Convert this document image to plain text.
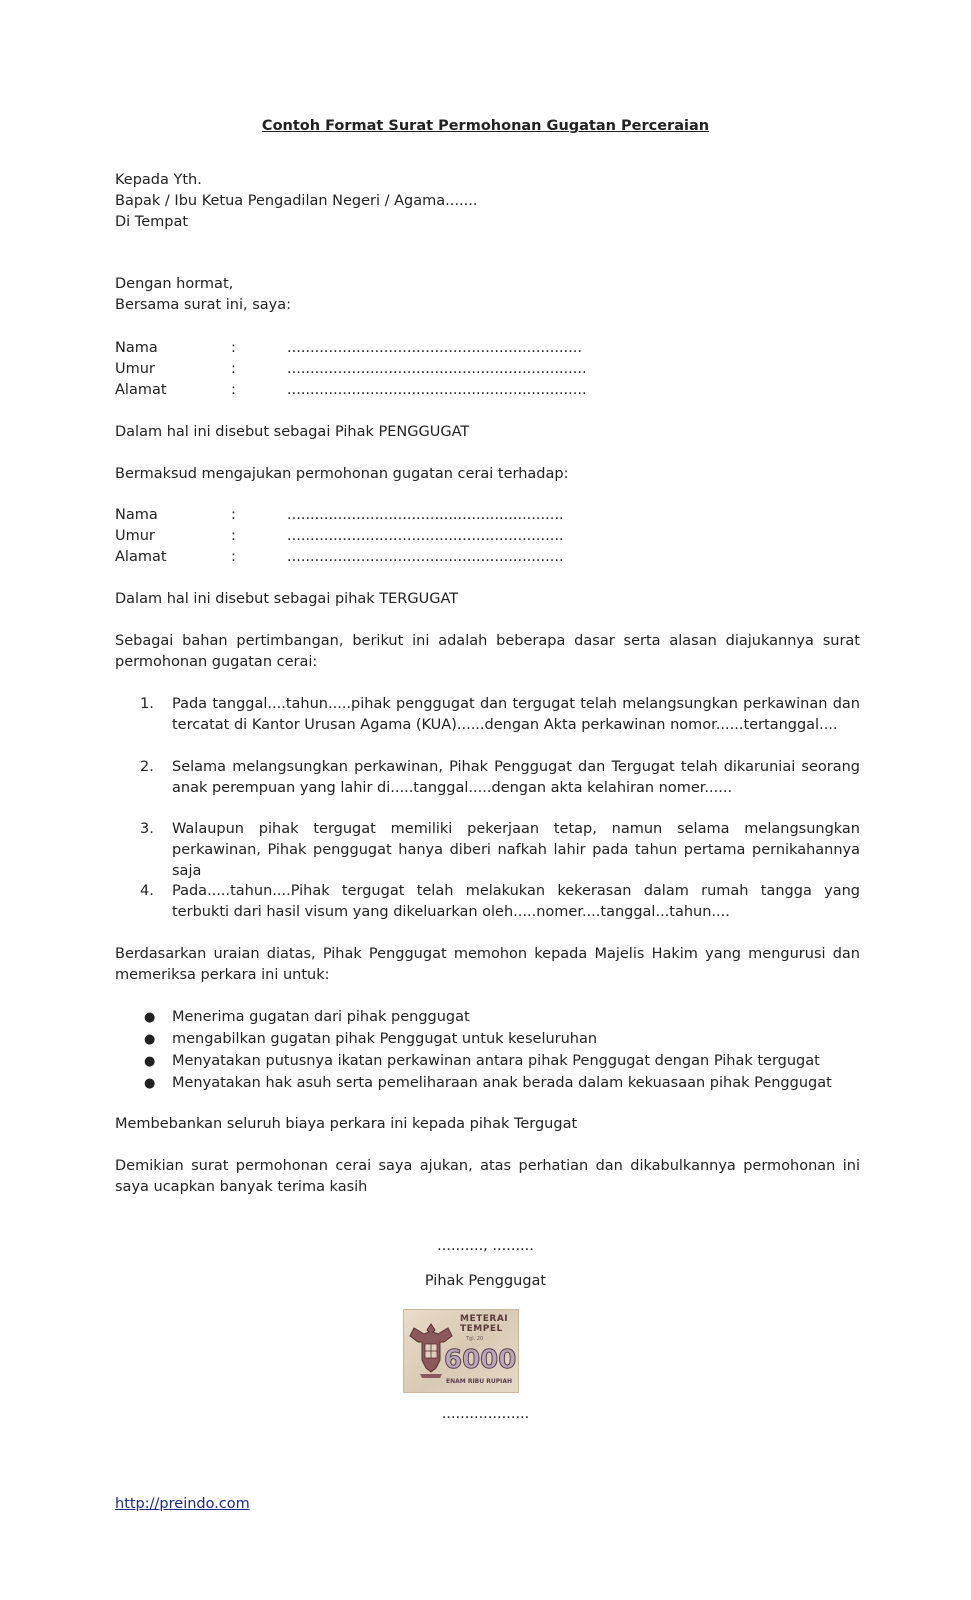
Contoh Format Surat Permohonan Gugatan Perceraian
Kepada Yth.
Bapak / Ibu Ketua Pengadilan Negeri / Agama.......
Di Tempat
Dengan hormat,
Bersama surat ini, saya:
Nama	:	................................................................
Umur	:	.................................................................
Alamat	:	.................................................................
Dalam hal ini disebut sebagai Pihak PENGGUGAT
Bermaksud mengajukan permohonan gugatan cerai terhadap:
Nama	:	............................................................
Umur	:	............................................................
Alamat	:	............................................................
Dalam hal ini disebut sebagai pihak TERGUGAT
Sebagai bahan pertimbangan, berikut ini adalah beberapa dasar serta alasan diajukannya surat permohonan gugatan cerai:
1. Pada tanggal....tahun.....pihak penggugat dan tergugat telah melangsungkan perkawinan dan tercatat di Kantor Urusan Agama (KUA)......dengan Akta perkawinan nomor......tertanggal....
2. Selama melangsungkan perkawinan, Pihak Penggugat dan Tergugat telah dikaruniai seorang anak perempuan yang lahir di.....tanggal.....dengan akta kelahiran nomer......
3. Walaupun pihak tergugat memiliki pekerjaan tetap, namun selama melangsungkan perkawinan, Pihak penggugat hanya diberi nafkah lahir pada tahun pertama pernikahannya saja
4. Pada.....tahun....Pihak tergugat telah melakukan kekerasan dalam rumah tangga yang terbukti dari hasil visum yang dikeluarkan oleh.....nomer....tanggal...tahun....
Berdasarkan uraian diatas, Pihak Penggugat memohon kepada Majelis Hakim yang mengurusi dan memeriksa perkara ini untuk:
● Menerima gugatan dari pihak penggugat
● mengabilkan gugatan pihak Penggugat untuk keseluruhan
● Menyatakan putusnya ikatan perkawinan antara pihak Penggugat dengan Pihak tergugat
● Menyatakan hak asuh serta pemeliharaan anak berada dalam kekuasaan pihak Penggugat
Membebankan seluruh biaya perkara ini kepada pihak Tergugat
Demikian surat permohonan cerai saya ajukan, atas perhatian dan dikabulkannya permohonan ini saya ucapkan banyak terima kasih
.........., .........
Pihak Penggugat
METERAI
TEMPEL
Tgl. 20
6000
ENAM RIBU RUPIAH
...................
http://preindo.com
